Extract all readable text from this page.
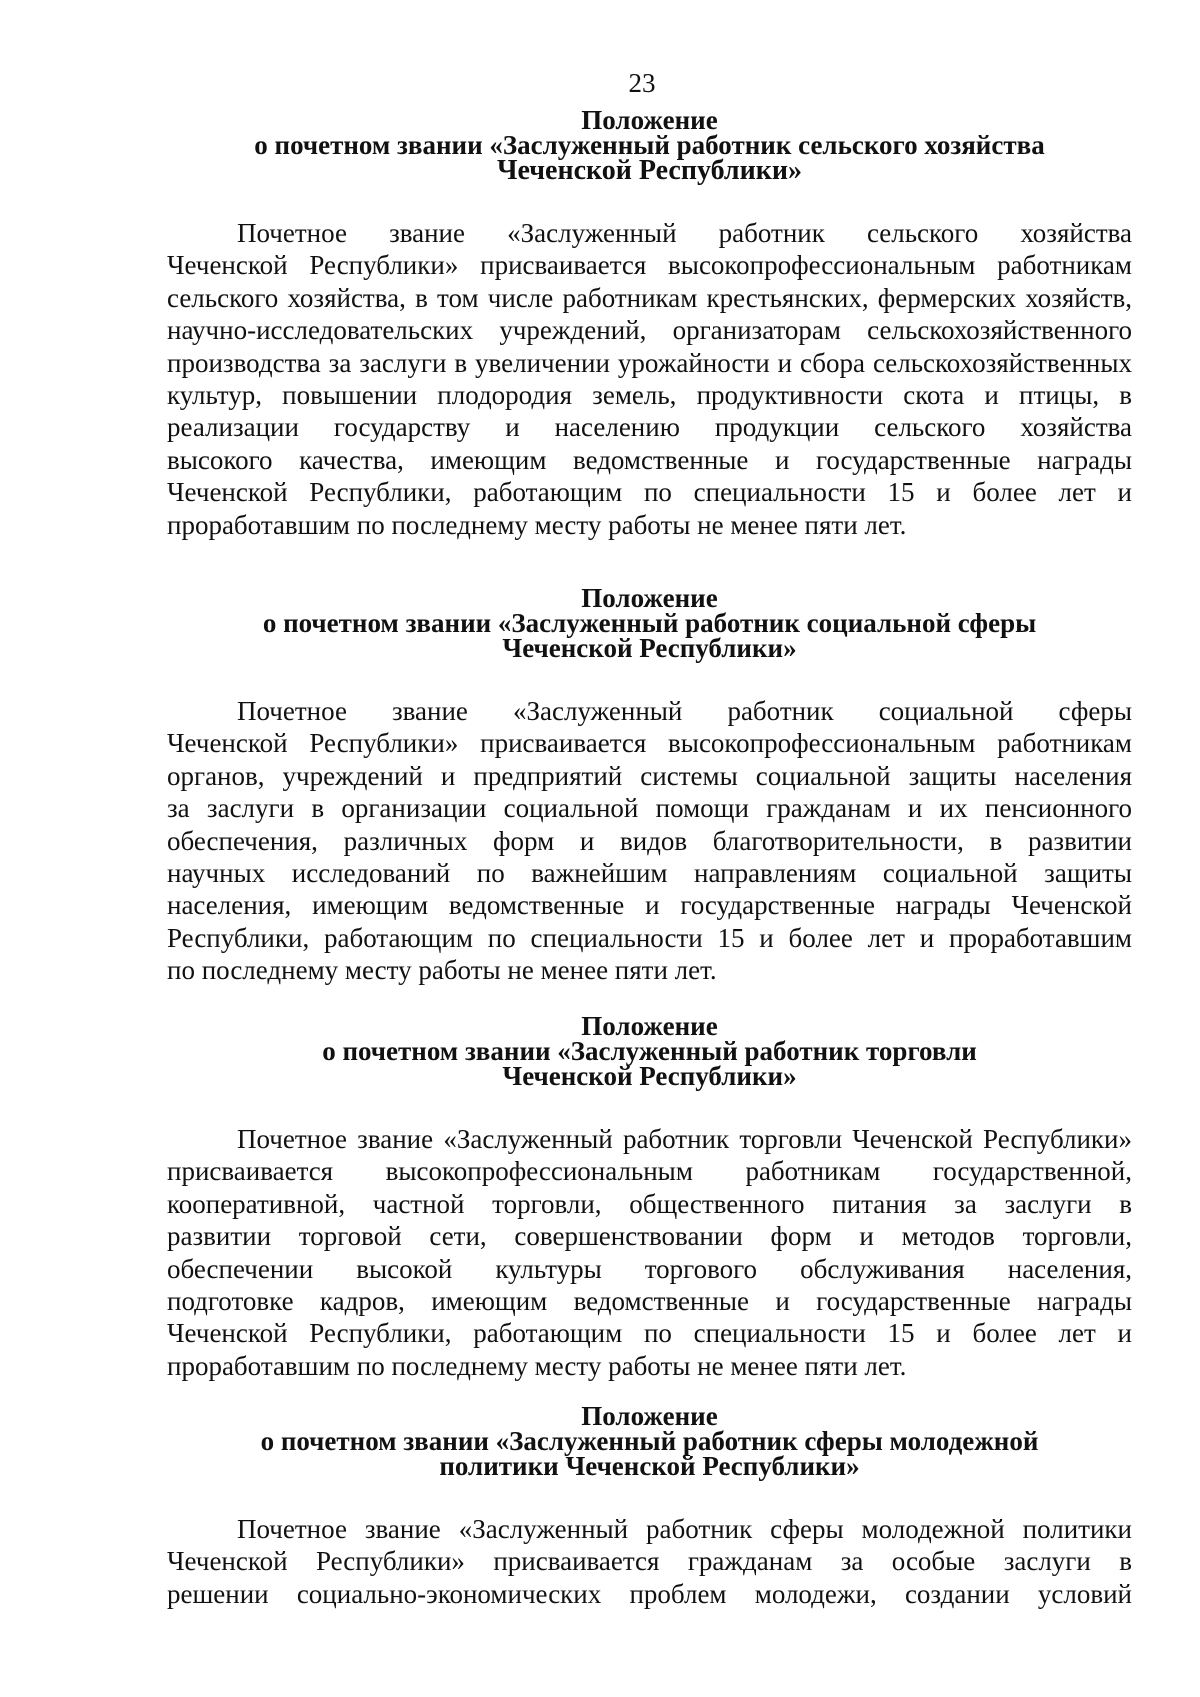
23
Положение
о почетном звании «Заслуженный работник сельского хозяйства
Чеченской Республики»
Почетное звание «Заслуженный работник сельского хозяйства
Чеченской Республики» присваивается высокопрофессиональным работникам
сельского хозяйства, в том числе работникам крестьянских, фермерских хозяйств,
научно-исследовательских учреждений, организаторам сельскохозяйственного
производства за заслуги в увеличении урожайности и сбора сельскохозяйственных
культур, повышении плодородия земель, продуктивности скота и птицы, в
реализации государству и населению продукции сельского хозяйства
высокого качества, имеющим ведомственные и государственные награды
Чеченской Республики, работающим по специальности 15 и более лет и
проработавшим по последнему месту работы не менее пяти лет.
Положение
о почетном звании «Заслуженный работник социальной сферы
Чеченской Республики»
Почетное звание «Заслуженный работник социальной сферы
Чеченской Республики» присваивается высокопрофессиональным работникам
органов, учреждений и предприятий системы социальной защиты населения
за заслуги в организации социальной помощи гражданам и их пенсионного
обеспечения, различных форм и видов благотворительности, в развитии
научных исследований по важнейшим направлениям социальной защиты
населения, имеющим ведомственные и государственные награды Чеченской
Республики, работающим по специальности 15 и более лет и проработавшим
по последнему месту работы не менее пяти лет.
Положение
о почетном звании «Заслуженный работник торговли
Чеченской Республики»
Почетное звание «Заслуженный работник торговли Чеченской Республики»
присваивается высокопрофессиональным работникам государственной,
кооперативной, частной торговли, общественного питания за заслуги в
развитии торговой сети, совершенствовании форм и методов торговли,
обеспечении высокой культуры торгового обслуживания населения,
подготовке кадров, имеющим ведомственные и государственные награды
Чеченской Республики, работающим по специальности 15 и более лет и
проработавшим по последнему месту работы не менее пяти лет.
Положение
о почетном звании «Заслуженный работник сферы молодежной
политики Чеченской Республики»
Почетное звание «Заслуженный работник сферы молодежной политики
Чеченской Республики» присваивается гражданам за особые заслуги в
решении социально-экономических проблем молодежи, создании условий
